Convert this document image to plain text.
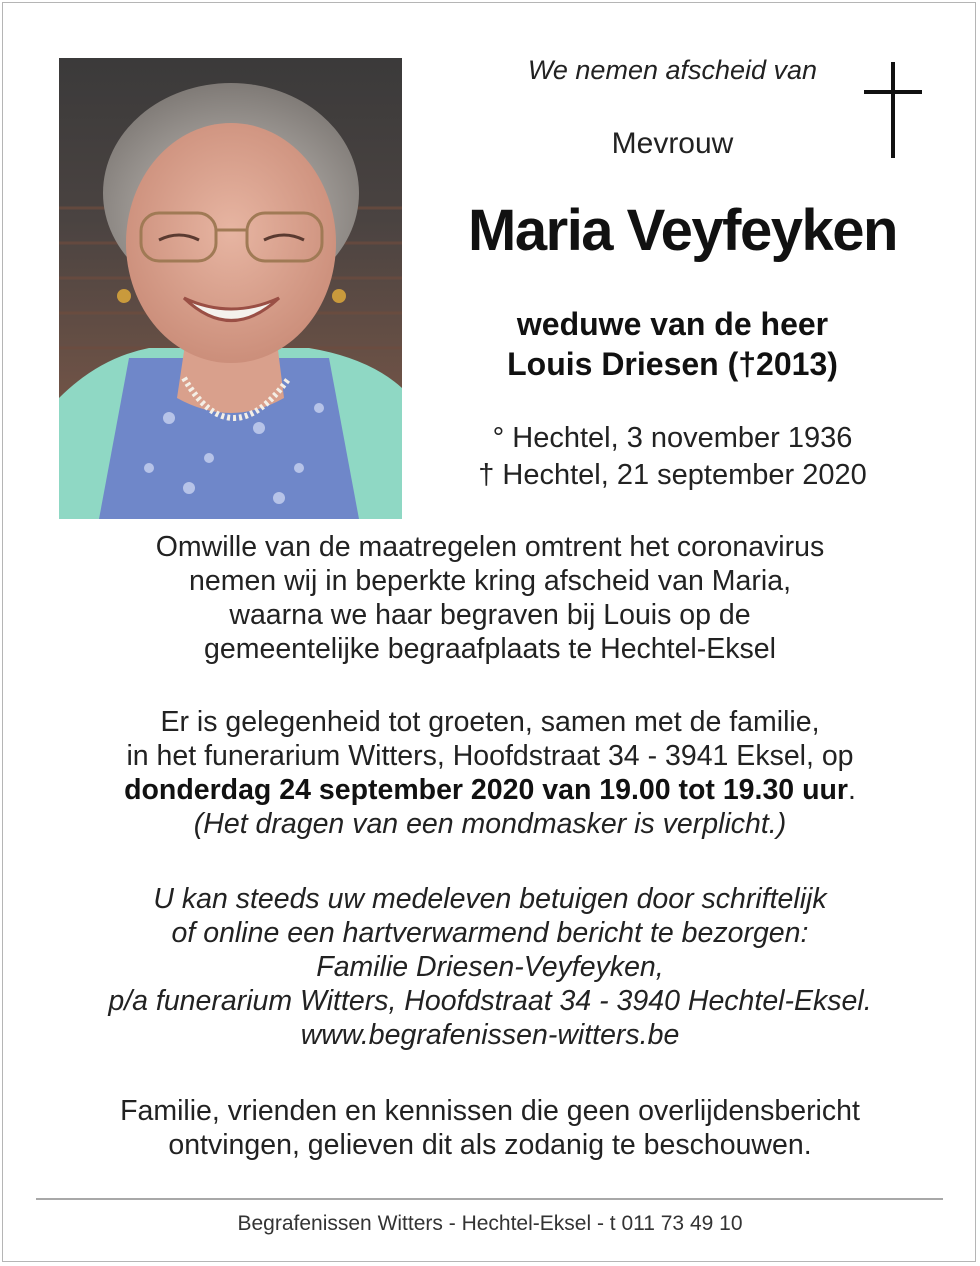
We nemen afscheid van
Mevrouw
Maria Veyfeyken
weduwe van de heer
Louis Driesen (†2013)
° Hechtel, 3 november 1936
† Hechtel, 21 september 2020
Omwille van de maatregelen omtrent het coronavirus
nemen wij in beperkte kring afscheid van Maria,
waarna we haar begraven bij Louis op de
gemeentelijke begraafplaats te Hechtel-Eksel
Er is gelegenheid tot groeten, samen met de familie,
in het funerarium Witters, Hoofdstraat 34 - 3941 Eksel, op
donderdag 24 september 2020 van 19.00 tot 19.30 uur.
(Het dragen van een mondmasker is verplicht.)
U kan steeds uw medeleven betuigen door schriftelijk
of online een hartverwarmend bericht te bezorgen:
Familie Driesen-Veyfeyken,
p/a funerarium Witters, Hoofdstraat 34 - 3940 Hechtel-Eksel.
www.begrafenissen-witters.be
Familie, vrienden en kennissen die geen overlijdensbericht
ontvingen, gelieven dit als zodanig te beschouwen.
Begrafenissen Witters - Hechtel-Eksel - t 011 73 49 10
